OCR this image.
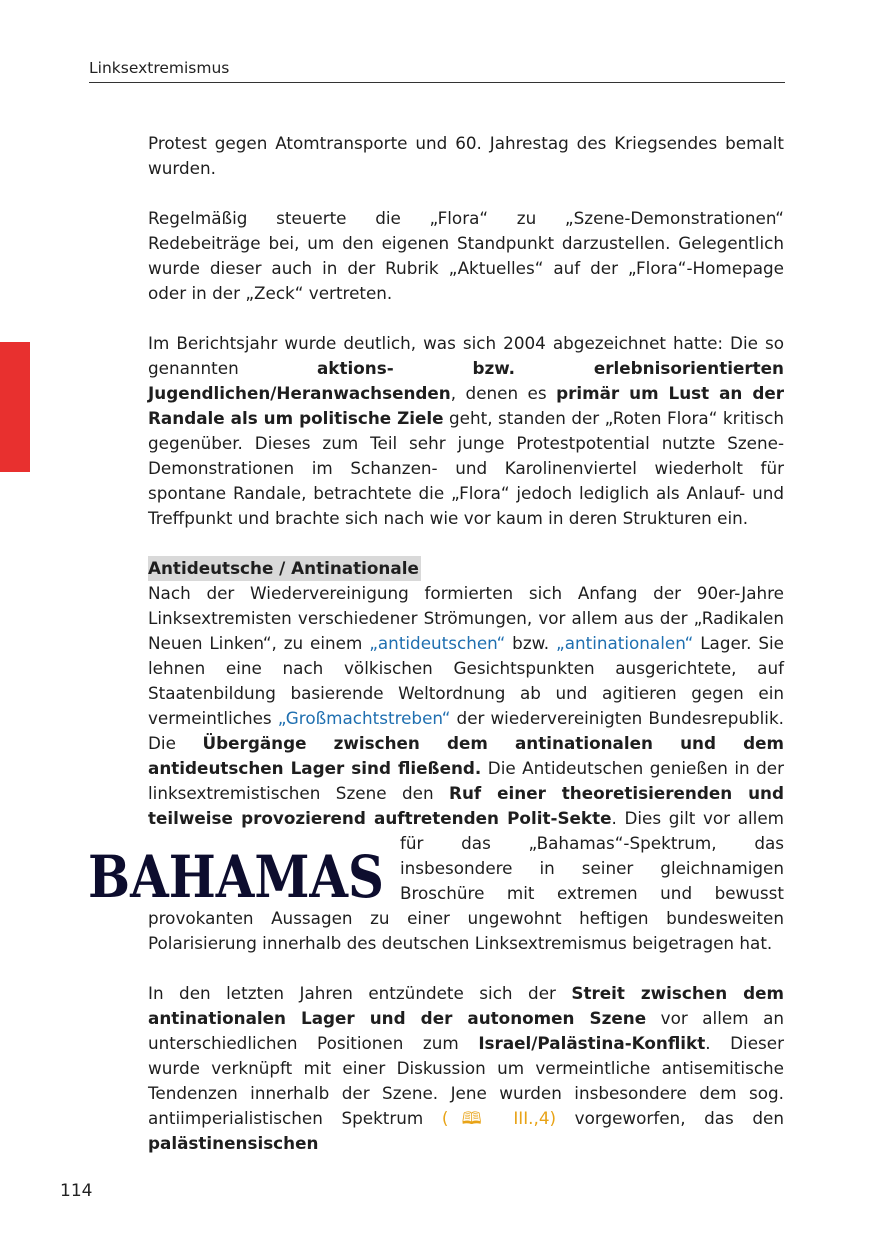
Linksextremismus

Protest gegen Atomtransporte und 60. Jahrestag des Kriegsendes bemalt wurden.

Regelmäßig steuerte die „Flora“ zu „Szene-Demonstrationen“ Redebeiträge bei, um den eigenen Standpunkt darzustellen. Gelegentlich wurde dieser auch in der Rubrik „Aktuelles“ auf der „Flora“-Homepage oder in der „Zeck“ vertreten.

Im Berichtsjahr wurde deutlich, was sich 2004 abgezeichnet hatte: Die so genannten aktions- bzw. erlebnisorientierten Jugendlichen/Heranwachsenden, denen es primär um Lust an der Randale als um politische Ziele geht, standen der „Roten Flora“ kritisch gegenüber. Dieses zum Teil sehr junge Protestpotential nutzte Szene-Demonstrationen im Schanzen- und Karolinenviertel wiederholt für spontane Randale, betrachtete die „Flora“ jedoch lediglich als Anlauf- und Treffpunkt und brachte sich nach wie vor kaum in deren Strukturen ein.

Antideutsche / Antinationale

Nach der Wiedervereinigung formierten sich Anfang der 90er-Jahre Linksextremisten verschiedener Strömungen, vor allem aus der „Radikalen Neuen Linken“, zu einem „antideutschen“ bzw. „antinationalen“ Lager. Sie lehnen eine nach völkischen Gesichtspunkten ausgerichtete, auf Staatenbildung basierende Weltordnung ab und agitieren gegen ein vermeintliches „Großmachtstreben“ der wiedervereinigten Bundesrepublik. Die Übergänge zwischen dem antinationalen und dem antideutschen Lager sind fließend. Die Antideutschen genießen in der linksextremistischen Szene den Ruf einer theoretisierenden und teilweise provozierend auftretenden Polit-Sekte. Dies gilt vor allem für
BAHAMAS	das „Bahamas“-Spektrum, das insbesondere in seiner gleichnamigen Broschüre mit extremen und bewusst provokanten Aussagen zu einer ungewohnt heftigen bundesweiten Polarisierung innerhalb des deutschen Linksextremismus beigetragen hat.

In den letzten Jahren entzündete sich der Streit zwischen dem antinationalen Lager und der autonomen Szene vor allem an unterschiedlichen Positionen zum Israel/Palästina-Konflikt. Dieser wurde verknüpft mit einer Diskussion um vermeintliche antisemitische Tendenzen innerhalb der Szene. Jene wurden insbesondere dem sog. antiimperialistischen Spektrum (🕮 III.,4) vorgeworfen, das den palästinensischen

114
